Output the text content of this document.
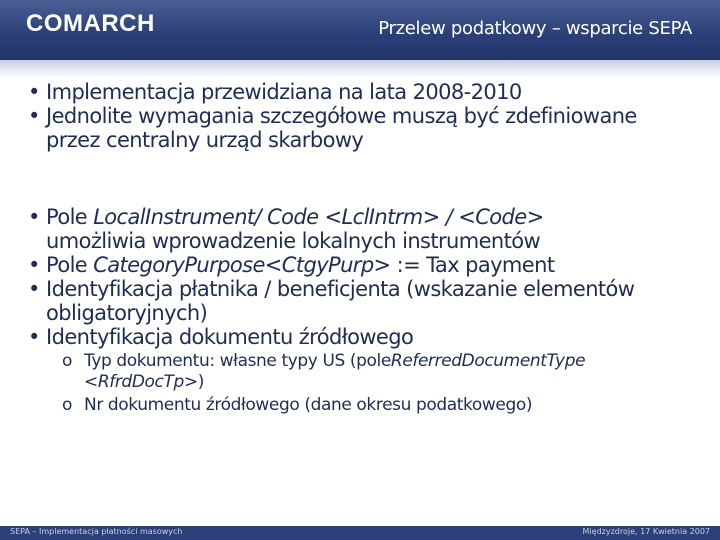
COMARCH	Przelew podatkowy – wsparcie SEPA
• Implementacja przewidziana na lata 2008-2010
• Jednolite wymagania szczegółowe muszą być zdefiniowane
przez centralny urząd skarbowy
• Pole LocalInstrument/ Code <LclIntrm> / <Code>
umożliwia wprowadzenie lokalnych instrumentów
• Pole CategoryPurpose<CtgyPurp> := Tax payment
• Identyfikacja płatnika / beneficjenta (wskazanie elementów
obligatoryjnych)
• Identyfikacja dokumentu źródłowego
o Typ dokumentu: własne typy US (poleReferredDocumentType
<RfrdDocTp>)
o Nr dokumentu źródłowego (dane okresu podatkowego)
SEPA – Implementacja płatności masowych	Międzyzdroje, 17 Kwietnia 2007
